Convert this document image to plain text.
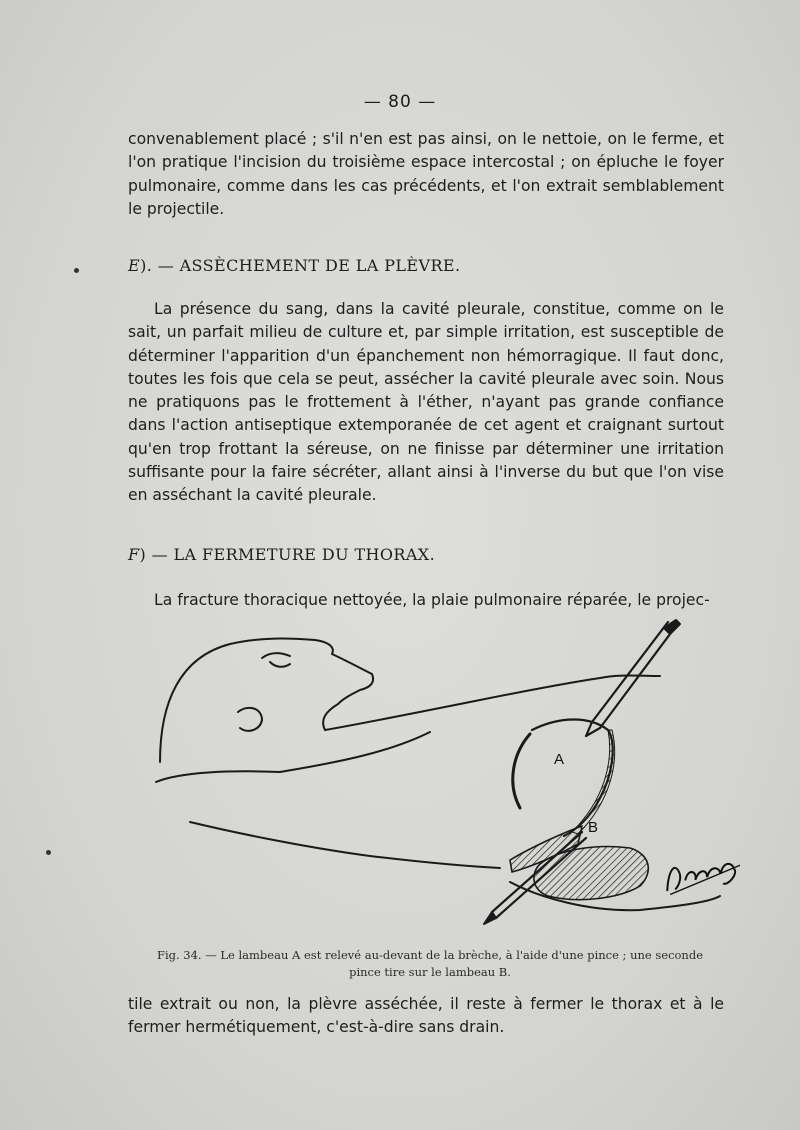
— 80 —

convenablement placé ; s'il n'en est pas ainsi, on le nettoie, on le ferme, et l'on pratique l'incision du troisième espace intercostal ; on épluche le foyer pulmonaire, comme dans les cas précédents, et l'on extrait semblablement le projectile.

E). — ASSÈCHEMENT DE LA PLÈVRE.

La présence du sang, dans la cavité pleurale, constitue, comme on le sait, un parfait milieu de culture et, par simple irritation, est susceptible de déterminer l'apparition d'un épanchement non hémorragique. Il faut donc, toutes les fois que cela se peut, assécher la cavité pleurale avec soin. Nous ne pratiquons pas le frottement à l'éther, n'ayant pas grande confiance dans l'action antiseptique extemporanée de cet agent et craignant surtout qu'en trop frottant la séreuse, on ne finisse par déterminer une irritation suffisante pour la faire sécréter, allant ainsi à l'inverse du but que l'on vise en asséchant la cavité pleurale.

F) — LA FERMETURE DU THORAX.

La fracture thoracique nettoyée, la plaie pulmonaire réparée, le projec-

A
B
Fig. 34. — Le lambeau A est relevé au-devant de la brèche, à l'aide d'une pince ; une seconde
pince tire sur le lambeau B.

tile extrait ou non, la plèvre asséchée, il reste à fermer le thorax et à le fermer hermétiquement, c'est-à-dire sans drain.
